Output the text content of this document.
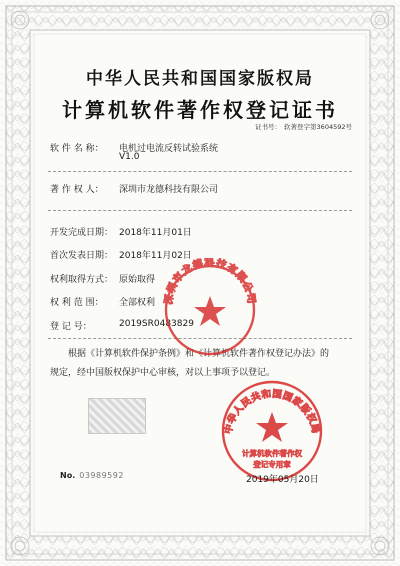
中华人民共和国国家版权局
计算机软件著作权登记证书
证书号： 软著登字第3604592号
软 件 名 称： 电机过电流反转试验系统
V1.0
著 作 权 人： 深圳市龙德科技有限公司
开发完成日期： 2018年11月01日
首次发表日期： 2018年11月02日
权利取得方式： 原始取得
权 利 范 围： 全部权利
登 记 号：	2019SR0483829
根据《计算机软件保护条例》和《计算机软件著作权登记办法》的
规定，经中国版权保护中心审核，对以上事项予以登记。
深圳市龙德科技有限公司
中华人民共和国国家版权局
计算机软件著作权
登记专用章
No. 03989592	2019年05月20日
